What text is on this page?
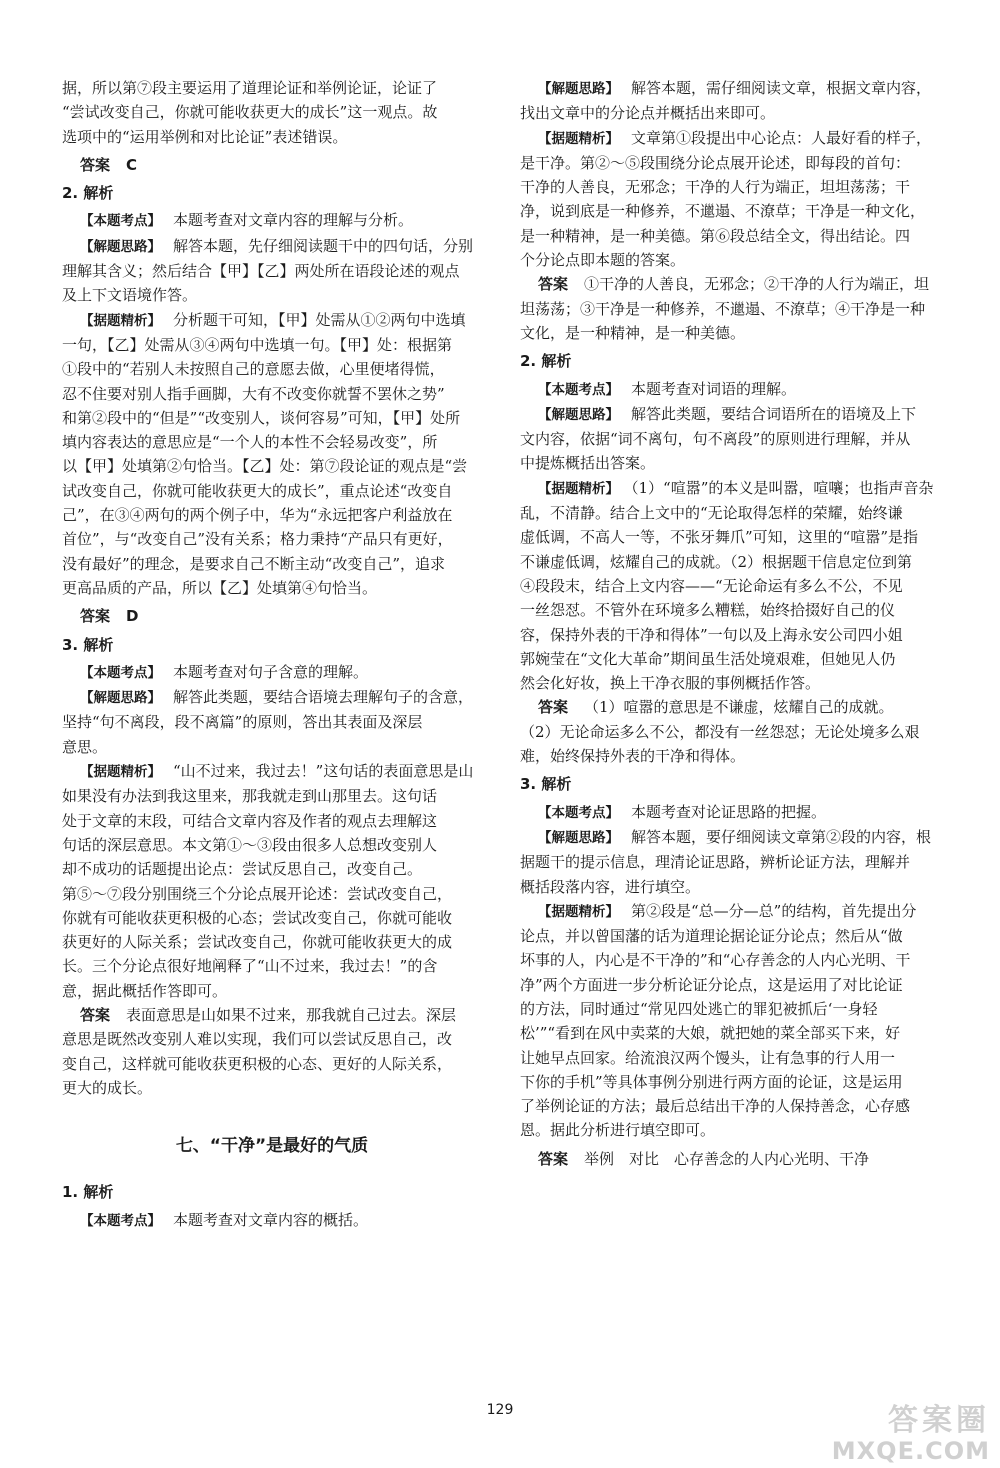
据，所以第⑦段主要运用了道理论证和举例论证，论证了

“尝试改变自己，你就可能收获更大的成长”这一观点。故

选项中的“运用举例和对比论证”表述错误。

答案 C
2. 解析

【本题考点】 本题考查对文章内容的理解与分析。

【解题思路】 解答本题，先仔细阅读题干中的四句话，分别

理解其含义；然后结合【甲】【乙】两处所在语段论述的观点

及上下文语境作答。

【据题精析】 分析题干可知，【甲】处需从①②两句中选填

一句，【乙】处需从③④两句中选填一句。【甲】处：根据第

①段中的“若别人未按照自己的意愿去做，心里便堵得慌，

忍不住要对别人指手画脚，大有不改变你就誓不罢休之势”

和第②段中的“但是”“改变别人，谈何容易”可知，【甲】处所

填内容表达的意思应是“一个人的本性不会轻易改变”，所

以【甲】处填第②句恰当。【乙】处：第⑦段论证的观点是“尝

试改变自己，你就可能收获更大的成长”，重点论述“改变自

己”，在③④两句的两个例子中，华为“永远把客户利益放在

首位”，与“改变自己”没有关系；格力秉持“产品只有更好，

没有最好”的理念，是要求自己不断主动“改变自己”，追求

更高品质的产品，所以【乙】处填第④句恰当。

答案 D
3. 解析

【本题考点】 本题考查对句子含意的理解。

【解题思路】 解答此类题，要结合语境去理解句子的含意，

坚持“句不离段，段不离篇”的原则，答出其表面及深层

意思。

【据题精析】 “山不过来，我过去！”这句话的表面意思是山

如果没有办法到我这里来，那我就走到山那里去。这句话

处于文章的末段，可结合文章内容及作者的观点去理解这

句话的深层意思。本文第①～③段由很多人总想改变别人

却不成功的话题提出论点：尝试反思自己，改变自己。

第⑤～⑦段分别围绕三个分论点展开论述：尝试改变自己，

你就有可能收获更积极的心态；尝试改变自己，你就可能收

获更好的人际关系；尝试改变自己，你就可能收获更大的成

长。三个分论点很好地阐释了“山不过来，我过去！”的含

意，据此概括作答即可。

答案 表面意思是山如果不过来，那我就自己过去。深层

意思是既然改变别人难以实现，我们可以尝试反思自己，改

变自己，这样就可能收获更积极的心态、更好的人际关系，

更大的成长。

七、“干净”是最好的气质
1. 解析

【本题考点】 本题考查对文章内容的概括。

【解题思路】 解答本题，需仔细阅读文章，根据文章内容，

找出文章中的分论点并概括出来即可。

【据题精析】 文章第①段提出中心论点：人最好看的样子，

是干净。第②～⑤段围绕分论点展开论述，即每段的首句：

干净的人善良，无邪念；干净的人行为端正，坦坦荡荡；干

净，说到底是一种修养，不邋遢、不潦草；干净是一种文化，

是一种精神，是一种美德。第⑥段总结全文，得出结论。四

个分论点即本题的答案。

答案 ①干净的人善良，无邪念；②干净的人行为端正，坦

坦荡荡；③干净是一种修养，不邋遢、不潦草；④干净是一种

文化，是一种精神，是一种美德。

2. 解析

【本题考点】 本题考查对词语的理解。

【解题思路】 解答此类题，要结合词语所在的语境及上下

文内容，依据“词不离句，句不离段”的原则进行理解，并从

中提炼概括出答案。

【据题精析】 （1）“喧嚣”的本义是叫嚣，喧嚷；也指声音杂

乱，不清静。结合上文中的“无论取得怎样的荣耀，始终谦

虚低调，不高人一等，不张牙舞爪”可知，这里的“喧嚣”是指

不谦虚低调，炫耀自己的成就。（2）根据题干信息定位到第

④段段末，结合上文内容——“无论命运有多么不公，不见

一丝怨怼。不管外在环境多么糟糕，始终拾掇好自己的仪

容，保持外表的干净和得体”一句以及上海永安公司四小姐

郭婉莹在“文化大革命”期间虽生活处境艰难，但她见人仍

然会化好妆，换上干净衣服的事例概括作答。

答案 （1）喧嚣的意思是不谦虚，炫耀自己的成就。

（2）无论命运多么不公，都没有一丝怨怼；无论处境多么艰

难，始终保持外表的干净和得体。

3. 解析

【本题考点】 本题考查对论证思路的把握。

【解题思路】 解答本题，要仔细阅读文章第②段的内容，根

据题干的提示信息，理清论证思路，辨析论证方法，理解并

概括段落内容，进行填空。

【据题精析】 第②段是“总—分—总”的结构，首先提出分

论点，并以曾国藩的话为道理论据论证分论点；然后从“做

坏事的人，内心是不干净的”和“心存善念的人内心光明、干

净”两个方面进一步分析论证分论点，这是运用了对比论证

的方法，同时通过“常见四处逃亡的罪犯被抓后‘一身轻

松’”“看到在风中卖菜的大娘，就把她的菜全部买下来，好

让她早点回家。给流浪汉两个馒头，让有急事的行人用一

下你的手机”等具体事例分别进行两方面的论证，这是运用

了举例论证的方法；最后总结出干净的人保持善念，心存感

恩。据此分析进行填空即可。

答案 举例　对比　心存善念的人内心光明、干净
129	答案圈
MXQE.COM
